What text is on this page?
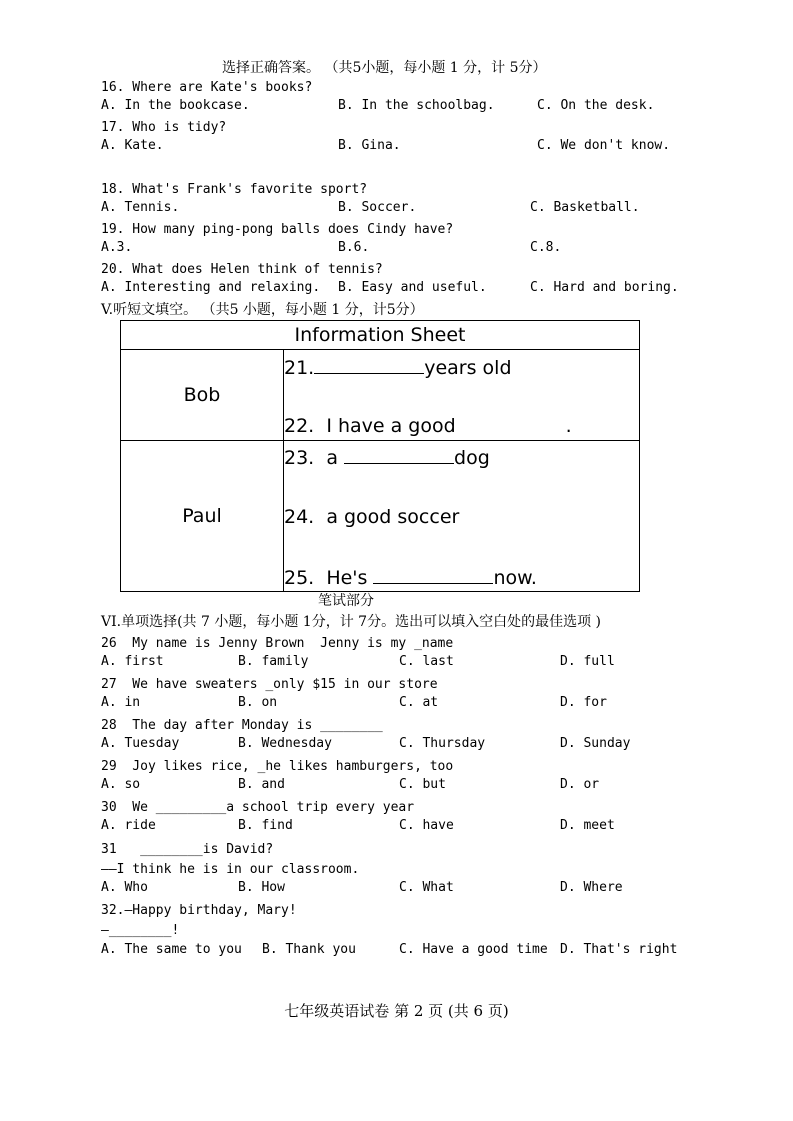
选择正确答案。 （共5小题，每小题 1 分，计 5分）
16. Where are Kate's books?
A. In the bookcase.	B. In the schoolbag.	C. On the desk.
17. Who is tidy?
A. Kate.	B. Gina.	C. We don't know.
18. What's Frank's favorite sport?
A. Tennis.	B. Soccer.	C. Basketball.
19. How many ping-pong balls does Cindy have?
A.3.	B.6.	C.8.
20. What does Helen think of tennis?
A. Interesting and relaxing. B. Easy and useful.	C. Hard and boring.
V.听短文填空。 （共5 小题，每小题 1 分，计5分）
Information Sheet	
Bob	21. years old
22. I have a good .

Paul	23. a dog
24. a good soccer
25. He's now.
笔试部分
VI.单项选择(共 7 小题，每小题 1分，计 7分。选出可以填入空白处的最佳选项 )
26  My name is Jenny Brown  Jenny is my _name
A. first	B. family	C. last	D. full
27  We have sweaters _only $15 in our store
A. in	B. on	C. at	D. for
28  The day after Monday is ________
A. Tuesday	B. Wednesday	C. Thursday	D. Sunday
29  Joy likes rice, _he likes hamburgers, too
A. so	B. and	C. but	D. or
30  We _________a school trip every year
A. ride	B. find	C. have	D. meet
31   ________is David?
——I think he is in our classroom.
A. Who	B. How	C. What	D. Where
32.—Happy birthday, Mary!
—________!
A. The same to you B. Thank you	C. Have a good time D. That's right
七年级英语试卷 第 2 页 (共 6 页)
